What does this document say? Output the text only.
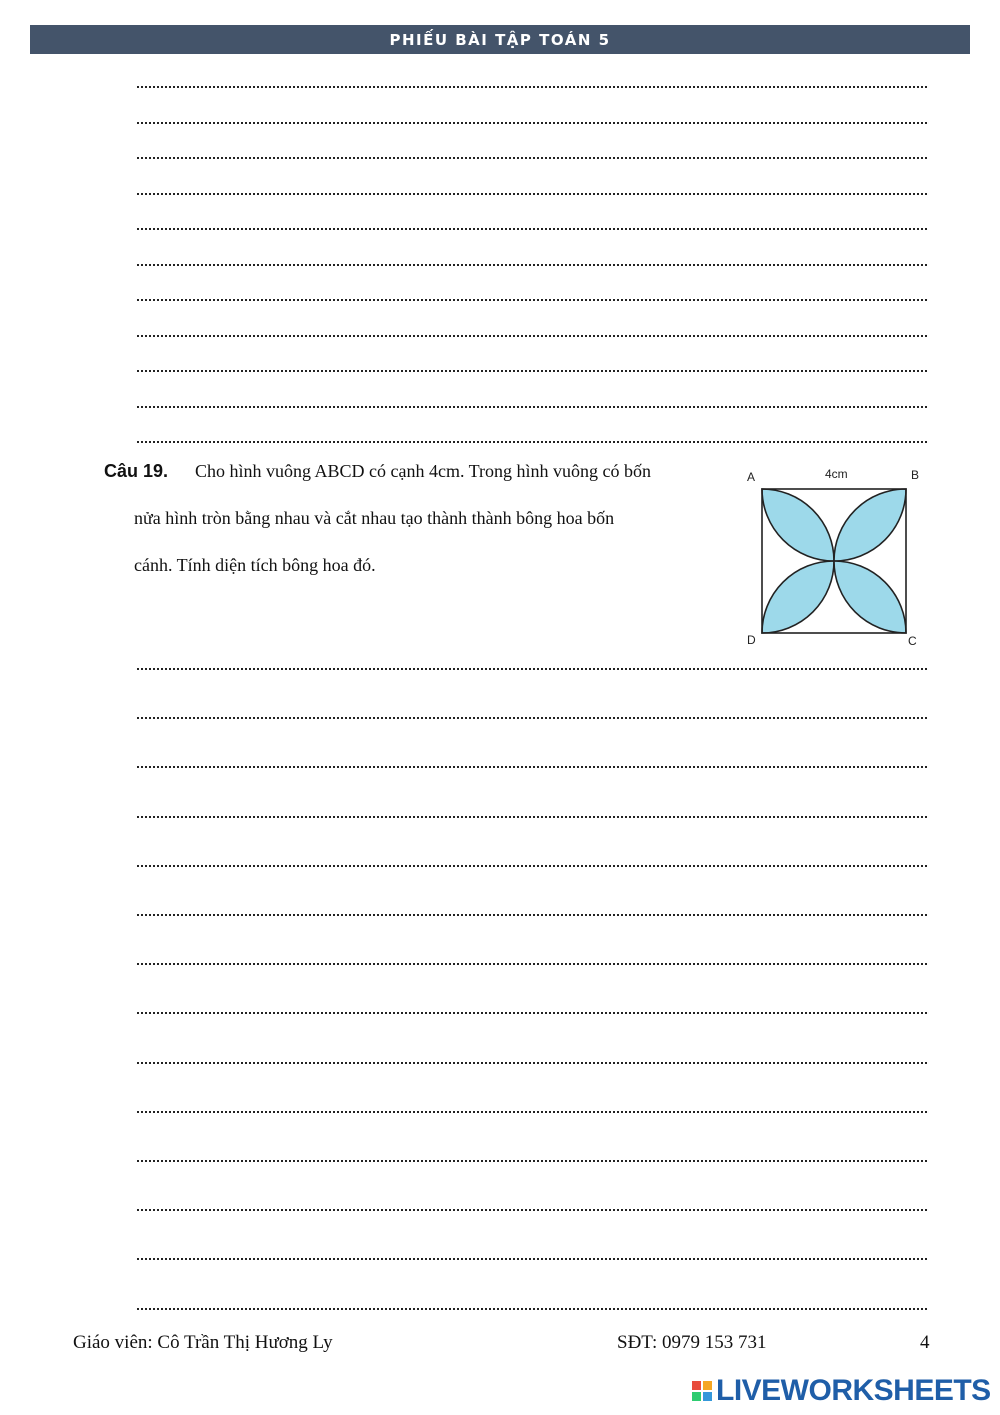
PHIẾU BÀI TẬP TOÁN 5
Câu 19. Cho hình vuông ABCD có cạnh 4cm. Trong hình vuông có bốn
nửa hình tròn bằng nhau và cắt nhau tạo thành thành bông hoa bốn
cánh. Tính diện tích bông hoa đó.
A	B
C
D
4cm
Giáo viên: Cô Trần Thị Hương Ly	SĐT: 0979 153 731	4
LIVEWORKSHEETS
